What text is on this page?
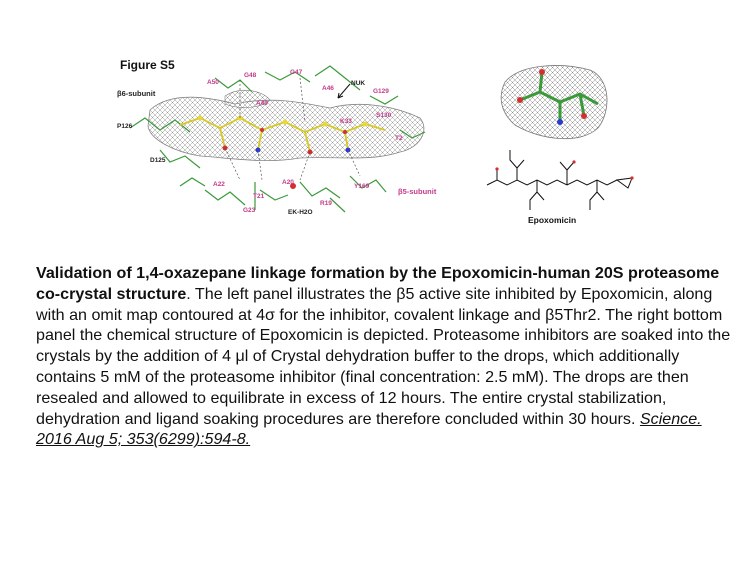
Figure S5
β6-subunit
β5-subunit
A50
G48	G47
A46
NUK
G129
A49
P126
K33
S130
T2
D125
A22	A20
Y169
T21
G23
R19
EK-H2O
Epoxomicin
Validation of 1,4-oxazepane linkage formation by the Epoxomicin-human 20S proteasome co-crystal structure. The left panel illustrates the β5 active site inhibited by Epoxomicin, along with an omit map contoured at 4σ for the inhibitor, covalent linkage and β5Thr2. The right bottom panel the chemical structure of Epoxomicin is depicted. Proteasome inhibitors are soaked into the crystals by the addition of 4 μl of Crystal dehydration buffer to the drops, which additionally contains 5 mM of the proteasome inhibitor (final concentration: 2.5 mM). The drops are then resealed and allowed to equilibrate in excess of 12 hours. The entire crystal stabilization, dehydration and ligand soaking procedures are therefore concluded within 30 hours. Science. 2016 Aug 5; 353(6299):594-8.
